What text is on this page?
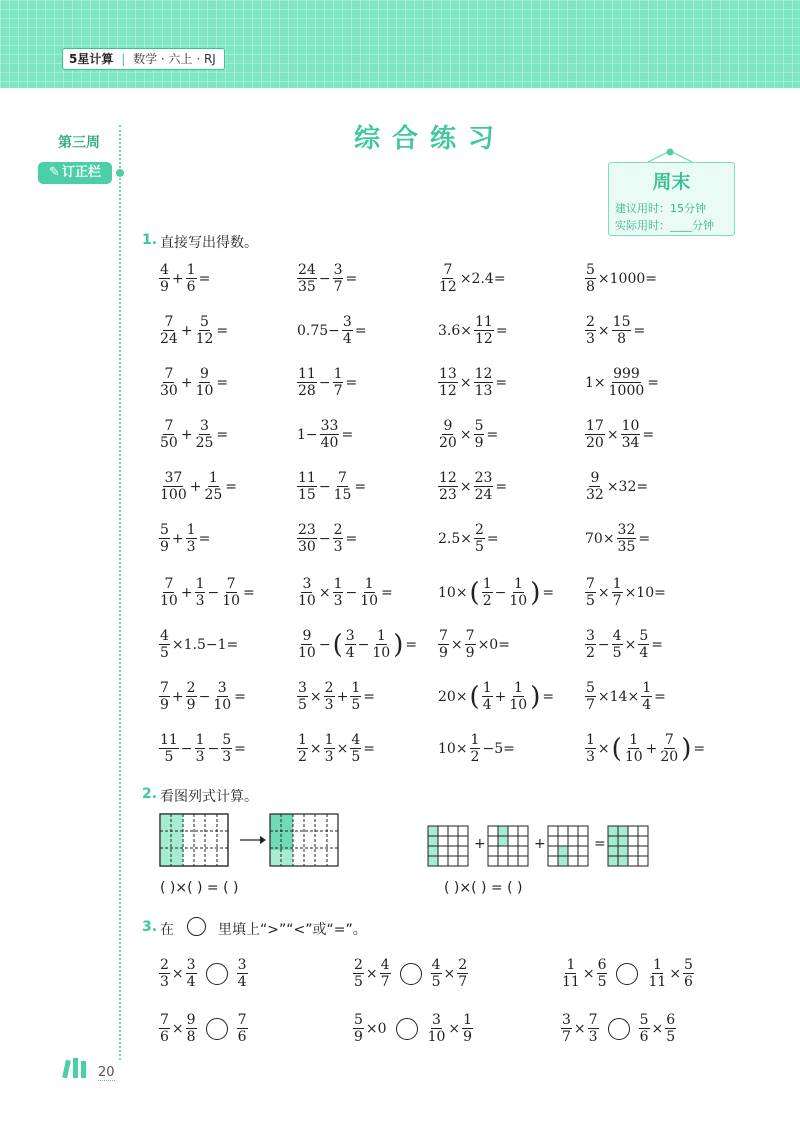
5星计算 | 数学 · 六上 · RJ
第三周
✎ 订正栏
综合练习
周末
建议用时：15分钟
实际用时：____分钟
1. 直接写出得数。
$\frac{4}{9} + \frac{1}{6}$ =	$\frac{24}{35} - \frac{3}{7}$ =	$\frac{7}{12} \times 2.4=$	$\frac{5}{8} \times 1000=$
$\frac{7}{24} + \frac{5}{12}$ =	$0.75- \frac{3}{4}$ =	$3.6\times \frac{11}{12}$ =	$\frac{2}{3} \times \frac{15}{8}$ =
$\frac{7}{30} + \frac{9}{10}$ =	$\frac{11}{28} - \frac{1}{7}$ =	$\frac{13}{12} \times \frac{12}{13}$ =	$1\times \frac{999}{1000}$ =
$\frac{7}{50} + \frac{3}{25}$ =	$1- \frac{33}{40}$ =	$\frac{9}{20} \times \frac{5}{9}$ =	$\frac{17}{20} \times \frac{10}{34}$ =
$\frac{37}{100} + \frac{1}{25}$ =	$\frac{11}{15} - \frac{7}{15}$ =	$\frac{12}{23} \times \frac{23}{24}$ =	$\frac{9}{32} \times 32=$
$\frac{5}{9} + \frac{1}{3}$ =	$\frac{23}{30} - \frac{2}{3}$ =	$2.5\times \frac{2}{5}$ =	$70\times \frac{32}{35}$ =
$\frac{7}{10} + \frac{1}{3} - \frac{7}{10}$ =	$\frac{3}{10} \times \frac{1}{3} - \frac{1}{10}$ =	10× ( $\frac{1}{2} - \frac{1}{10}$ ) = $\frac{7}{5} \times \frac{1}{7} \times 10=$
$\frac{4}{5} \times 1.5-1=$	$\frac{9}{10}$ − ( $\frac{3}{4} - \frac{1}{10}$ ) = $\frac{7}{9} \times \frac{7}{9} \times 0=$	$\frac{3}{2} - \frac{4}{5} \times \frac{5}{4}$ =
$\frac{7}{9} + \frac{2}{9} - \frac{3}{10}$ =	$\frac{3}{5} \times \frac{2}{3} + \frac{1}{5}$ =	20× ( $\frac{1}{4} + \frac{1}{10}$ ) = $\frac{5}{7} \times 14\times \frac{1}{4}$ =
$\frac{11}{5} - \frac{1}{3} - \frac{5}{3}$ =	$\frac{1}{2} \times \frac{1}{3} \times \frac{4}{5}$ =	$10\times \frac{1}{2} -5=$	$\frac{1}{3}$ × ( $\frac{1}{10} + \frac{7}{20}$ ) =
2. 看图列式计算。
+	+	=
( )×( ) = ( )	( )×( ) = ( )
3. 在	里填上“>”“<”或“=”。
$\frac{2}{3} \times \frac{3}{4}$	$\frac{3}{4}$	$\frac{2}{5} \times \frac{4}{7}$	$\frac{4}{5} \times \frac{2}{7}$	$\frac{1}{11} \times \frac{6}{5}$	$\frac{1}{11} \times \frac{5}{6}$
$\frac{7}{6} \times \frac{9}{8}$	$\frac{7}{6}$	$\frac{5}{9} \times 0$	$\frac{3}{10} \times \frac{1}{9}$	$\frac{3}{7} \times \frac{7}{3}$	$\frac{5}{6} \times \frac{6}{5}$
20
